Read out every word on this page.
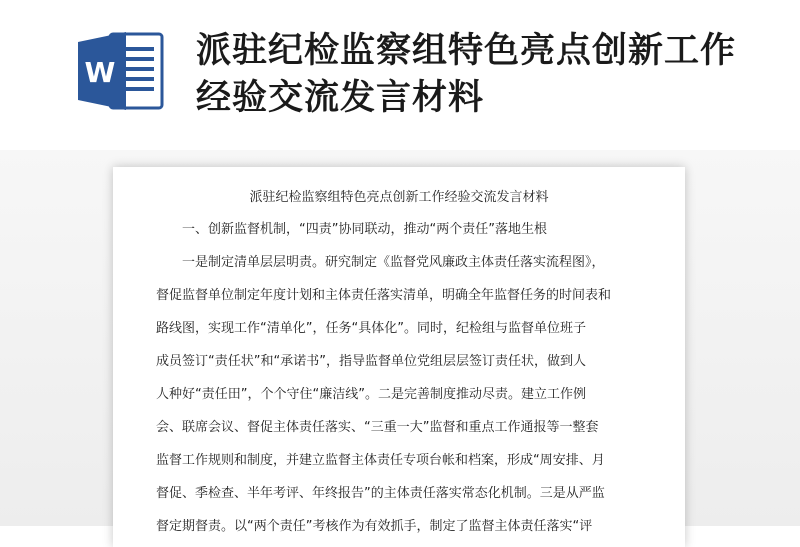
W
派驻纪检监察组特色亮点创新工作经验交流发言材料
派驻纪检监察组特色亮点创新工作经验交流发言材料
一、创新监督机制，“四责”协同联动，推动“两个责任”落地生根
一是制定清单层层明责。研究制定《监督党风廉政主体责任落实流程图》，
督促监督单位制定年度计划和主体责任落实清单，明确全年监督任务的时间表和
路线图，实现工作“清单化”，任务“具体化”。同时，纪检组与监督单位班子
成员签订“责任状”和“承诺书”，指导监督单位党组层层签订责任状，做到人
人种好“责任田”，个个守住“廉洁线”。二是完善制度推动尽责。建立工作例
会、联席会议、督促主体责任落实、“三重一大”监督和重点工作通报等一整套
监督工作规则和制度，并建立监督主体责任专项台帐和档案，形成“周安排、月
督促、季检查、半年考评、年终报告”的主体责任落实常态化机制。三是从严监
督定期督责。以“两个责任”考核作为有效抓手，制定了监督主体责任落实“评
